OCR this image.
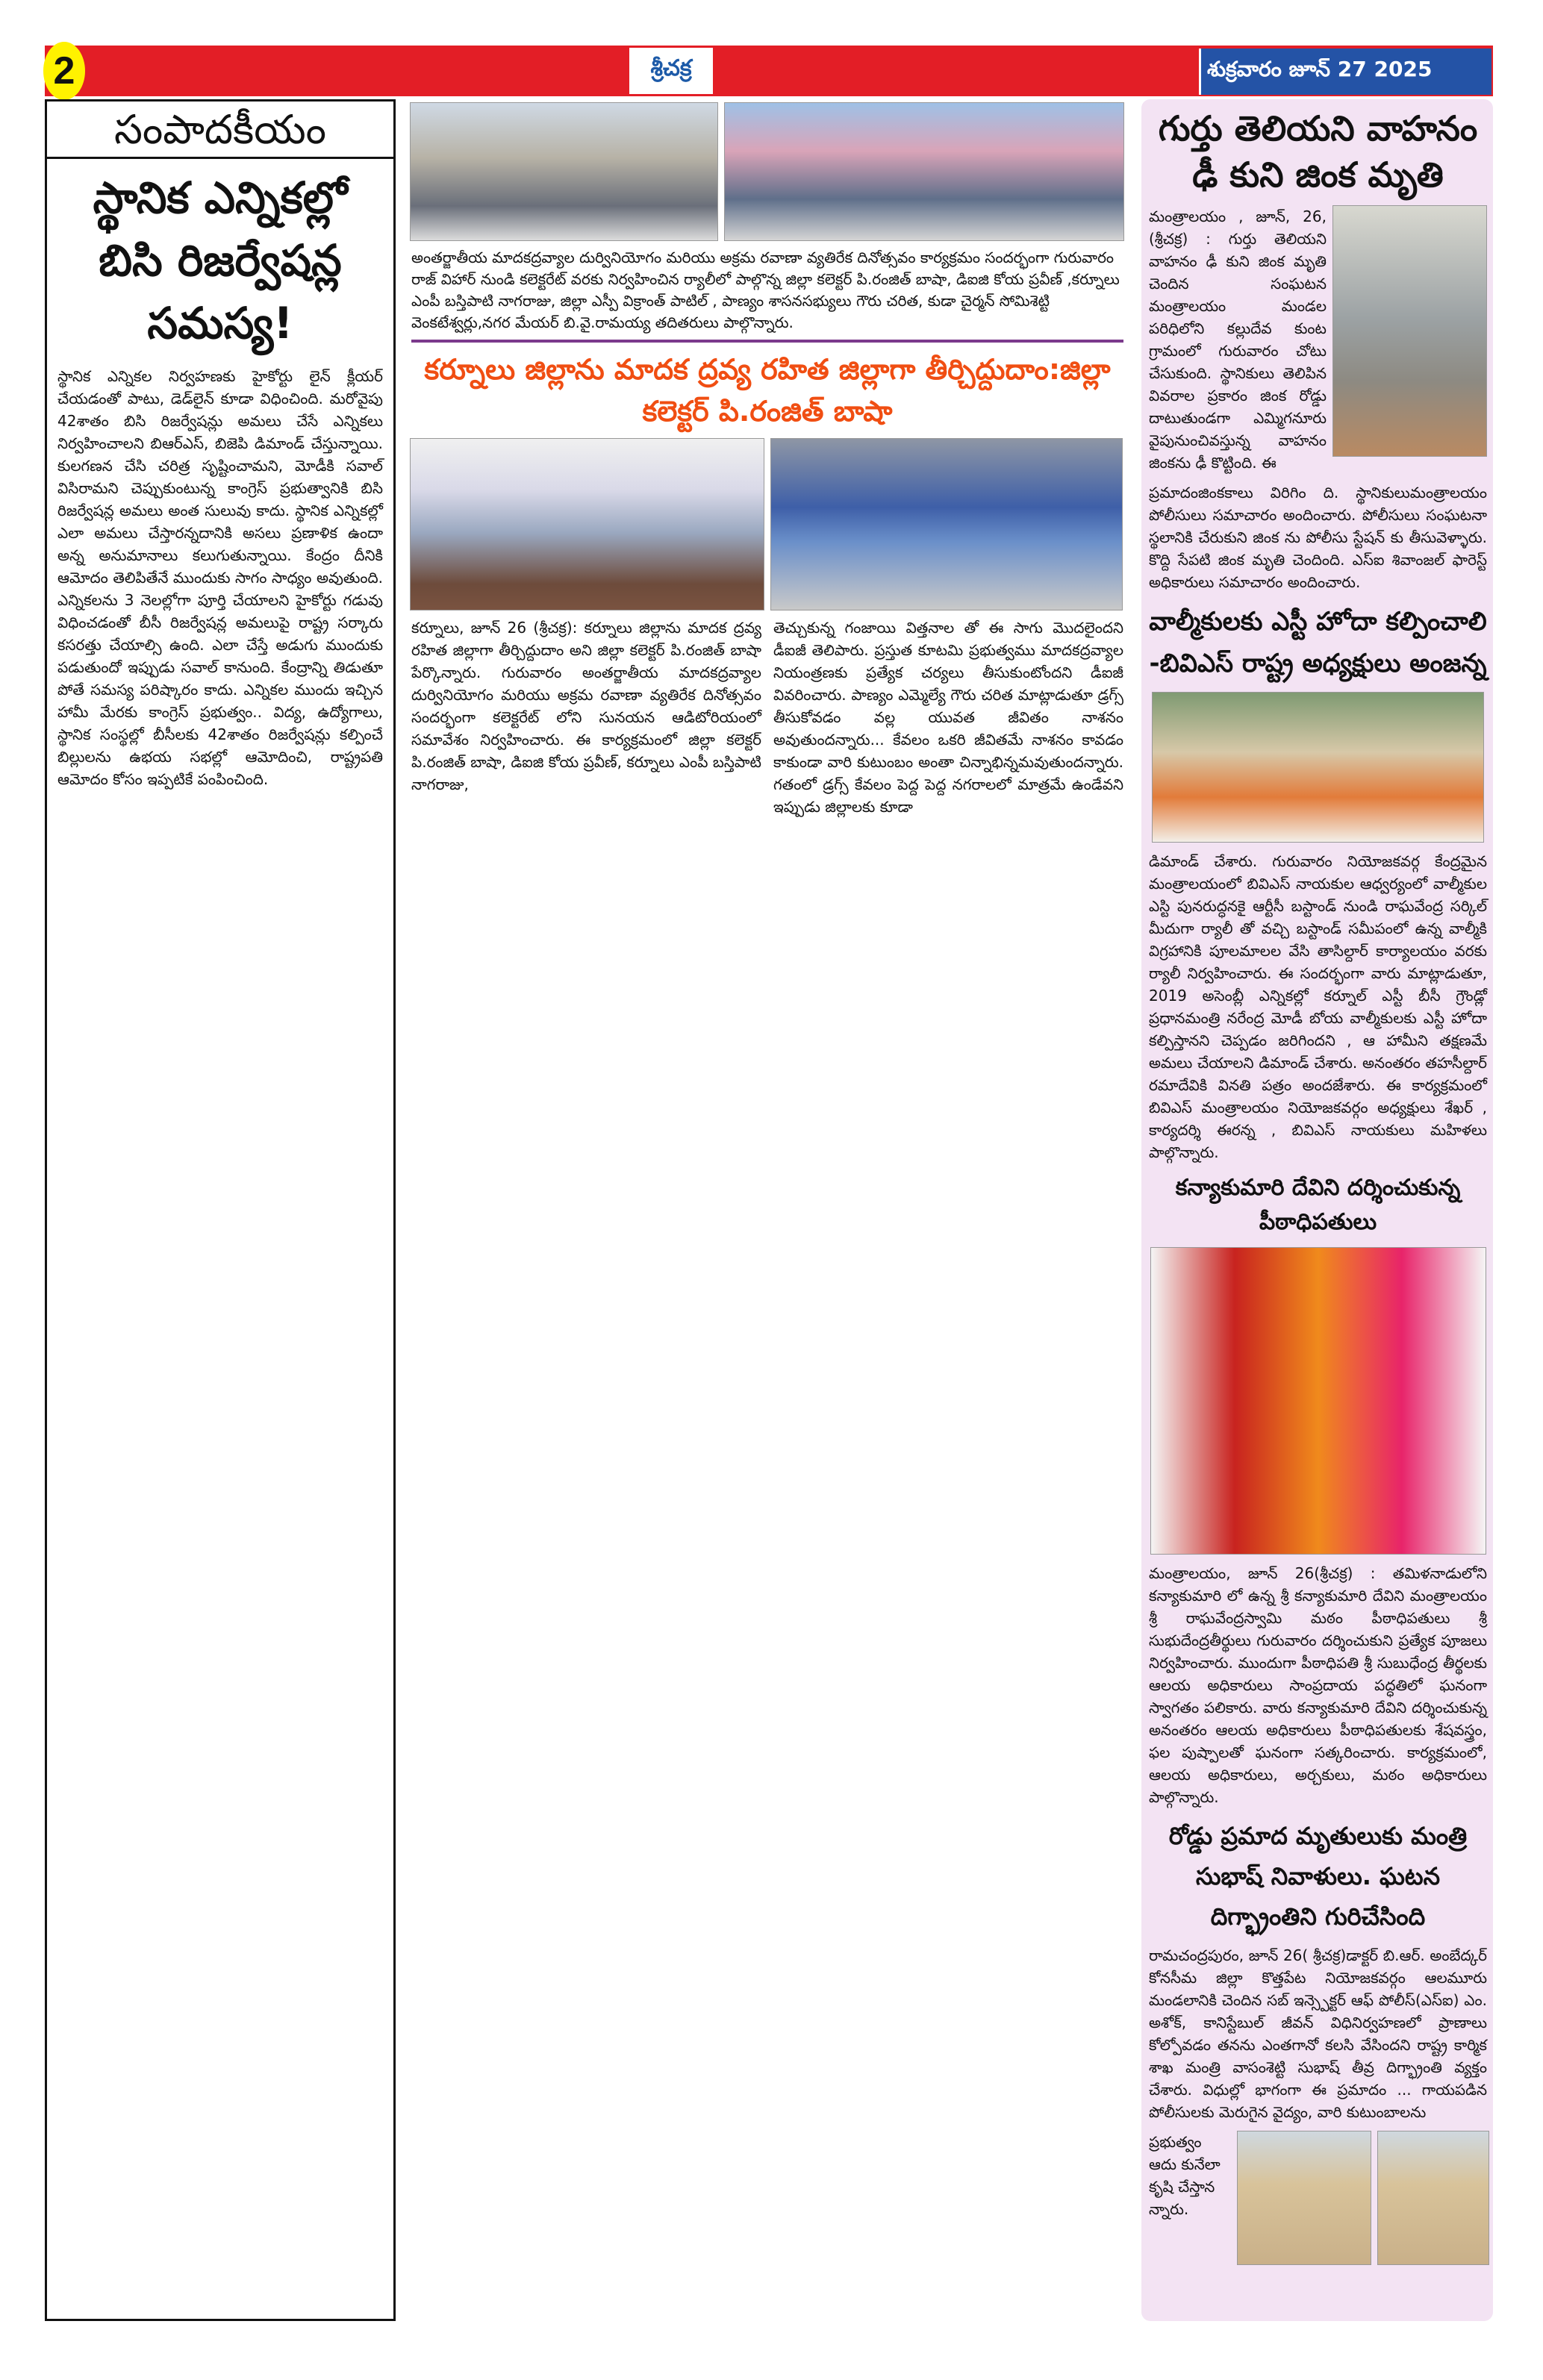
2	శ్రీచక్ర	శుక్రవారం జూన్ 27 2025
సంపాదకీయం
స్థానిక ఎన్నికల్లో బిసి రిజర్వేషన్ల సమస్య!
స్థానిక ఎన్నికల నిర్వహణకు హైకోర్టు లైన్ క్లీయర్ చేయడంతో పాటు, డెడ్‌లైన్ కూడా విధించింది. మరోవైపు 42శాతం బిసి రిజర్వేషన్లు అమలు చేసే ఎన్నికలు నిర్వహించాలని బిఆర్‌ఎస్, బిజెపి డిమాండ్ చేస్తున్నాయి. కులగణన చేసి చరిత్ర సృష్టించామని, మోడీకి సవాల్ విసిరామని చెప్పుకుంటున్న కాంగ్రెస్ ప్రభుత్వానికి బిసి రిజర్వేషన్ల అమలు అంత సులువు కాదు. స్థానిక ఎన్నికల్లో ఎలా అమలు చేస్తారన్నదానికి అసలు ప్రణాళిక ఉందా అన్న అనుమానాలు కలుగుతున్నాయి. కేంద్రం దీనికి ఆమోదం తెలిపితేనే ముందుకు సాగం సాధ్యం అవుతుంది. ఎన్నికలను 3 నెలల్లోగా పూర్తి చేయాలని హైకోర్టు గడువు విధించడంతో బీసీ రిజర్వేషన్ల అమలుపై రాష్ట్ర సర్కారు కసరత్తు చేయాల్సి ఉంది. ఎలా చేస్తే అడుగు ముందుకు పడుతుందో ఇప్పుడు సవాల్ కానుంది. కేంద్రాన్ని తిడుతూ పోతే సమస్య పరిష్కారం కాదు. ఎన్నికల ముందు ఇచ్చిన హామీ మేరకు కాంగ్రెస్ ప్రభుత్వం.. విద్య, ఉద్యోగాలు, స్థానిక సంస్థల్లో బీసీలకు 42శాతం రిజర్వేషన్లు కల్పించే బిల్లులను ఉభయ సభల్లో ఆమోదించి, రాష్ట్రపతి ఆమోదం కోసం ఇప్పటికే పంపించింది.
అంతర్జాతీయ మాదకద్రవ్యాల దుర్వినియోగం మరియు అక్రమ రవాణా వ్యతిరేక దినోత్సవం కార్యక్రమం సందర్భంగా గురువారం రాజ్ విహార్ నుండి కలెక్టరేట్ వరకు నిర్వహించిన ర్యాలీలో పాల్గొన్న జిల్లా కలెక్టర్ పి.రంజిత్ బాషా, డిఐజి కోయ ప్రవీణ్ ,కర్నూలు ఎంపీ బస్తిపాటి నాగరాజు, జిల్లా ఎస్పీ విక్రాంత్ పాటిల్ , పాణ్యం శాసనసభ్యులు గౌరు చరిత, కుడా చైర్మన్ సోమిశెట్టి వెంకటేశ్వర్లు,నగర మేయర్ బి.వై.రామయ్య తదితరులు పాల్గొన్నారు.
కర్నూలు జిల్లాను మాదక ద్రవ్య రహిత జిల్లాగా తీర్చిద్దుదాం:జిల్లా కలెక్టర్ పి.రంజిత్ బాషా
కర్నూలు, జూన్ 26 (శ్రీచక్ర): కర్నూలు జిల్లాను మాదక ద్రవ్య రహిత జిల్లాగా తీర్చిద్దుదాం అని జిల్లా కలెక్టర్ పి.రంజిత్ బాషా పేర్కొన్నారు. గురువారం అంతర్జాతీయ మాదకద్రవ్యాల దుర్వినియోగం మరియు అక్రమ రవాణా వ్యతిరేక దినోత్సవం సందర్భంగా కలెక్టరేట్ లోని సునయన ఆడిటోరియంలో సమావేశం నిర్వహించారు. ఈ కార్యక్రమంలో జిల్లా కలెక్టర్ పి.రంజిత్ బాషా, డిఐజి కోయ ప్రవీణ్, కర్నూలు ఎంపీ బస్తిపాటి నాగరాజు,
తెచ్చుకున్న గంజాయి విత్తనాల తో ఈ సాగు మొదలైందని డీఐజీ తెలిపారు. ప్రస్తుత కూటమి ప్రభుత్వము మాదకద్రవ్యాల నియంత్రణకు ప్రత్యేక చర్యలు తీసుకుంటోందని డీఐజీ వివరించారు. పాణ్యం ఎమ్మెల్యే గౌరు చరిత మాట్లాడుతూ డ్రగ్స్ తీసుకోవడం వల్ల యువత జీవితం నాశనం అవుతుందన్నారు... కేవలం ఒకరి జీవితమే నాశనం కావడం కాకుండా వారి కుటుంబం అంతా చిన్నాభిన్నమవుతుందన్నారు. గతంలో డ్రగ్స్ కేవలం పెద్ద పెద్ద నగరాలలో మాత్రమే ఉండేవని ఇప్పుడు జిల్లాలకు కూడా
గుర్తు తెలియని వాహనం ఢీ కుని జింక మృతి
మంత్రాలయం , జూన్, 26, (శ్రీచక్ర) : గుర్తు తెలియని వాహనం ఢీ కుని జింక మృతి చెందిన సంఘటన మంత్రాలయం మండల పరిధిలోని కల్లుదేవ కుంట గ్రామంలో గురువారం చోటు చేసుకుంది. స్థానికులు తెలిపిన వివరాల ప్రకారం జింక రోడ్డు దాటుతుండగా ఎమ్మిగనూరు వైపునుంచివస్తున్న వాహనం జింకను ఢీ కొట్టింది. ఈ
ప్రమాదంజింకకాలు విరిగిం ది. స్థానికులుమంత్రాలయం పోలీసులు సమాచారం అందించారు. పోలీసులు సంఘటనా స్థలానికి చేరుకుని జింక ను పోలీసు స్టేషన్ కు తీసువెళ్ళారు. కొద్ది సేపటి జింక మృతి చెందింది. ఎస్ఐ శివాంజల్ ఫారెస్ట్ అధికారులు సమాచారం అందించారు.
వాల్మీకులకు ఎస్టీ హోదా కల్పించాలి -బివిఎస్ రాష్ట్ర అధ్యక్షులు అంజన్న
డిమాండ్ చేశారు. గురువారం నియోజకవర్గ కేంద్రమైన మంత్రాలయంలో బివిఎస్ నాయకుల ఆధ్వర్యంలో వాల్మీకుల ఎస్టి పునరుద్ధనకై ఆర్టీసీ బస్టాండ్ నుండి రాఘవేంద్ర సర్కిల్ మీదుగా ర్యాలీ తో వచ్చి బస్టాండ్ సమీపంలో ఉన్న వాల్మీకి విగ్రహానికి పూలమాలల వేసి తాసిల్దార్ కార్యాలయం వరకు ర్యాలీ నిర్వహించారు. ఈ సందర్భంగా వారు మాట్లాడుతూ, 2019 అసెంబ్లీ ఎన్నికల్లో కర్నూల్ ఎస్టీ బీసీ గ్రౌండ్లో ప్రధానమంత్రి నరేంద్ర మోడీ బోయ వాల్మీకులకు ఎస్టీ హోదా కల్పిస్తానని చెప్పడం జరిగిందని , ఆ హామీని తక్షణమే అమలు చేయాలని డిమాండ్ చేశారు. అనంతరం తహసీల్దార్ రమాదేవికి వినతి పత్రం అందజేశారు. ఈ కార్యక్రమంలో బివిఎస్ మంత్రాలయం నియోజకవర్గం అధ్యక్షులు శేఖర్ , కార్యదర్శి ఈరన్న , బివిఎస్ నాయకులు మహిళలు పాల్గొన్నారు.
కన్యాకుమారి దేవిని దర్శించుకున్న పీఠాధిపతులు
మంత్రాలయం, జూన్ 26(శ్రీచక్ర) : తమిళనాడులోని కన్యాకుమారి లో ఉన్న శ్రీ కన్యాకుమారి దేవిని మంత్రాలయం శ్రీ రాఘవేంద్రస్వామి మఠం పీఠాధిపతులు శ్రీ సుభుదేంద్రతీర్థులు గురువారం దర్శించుకుని ప్రత్యేక పూజలు నిర్వహించారు. ముందుగా పీఠాధిపతి శ్రీ సుబుధేంద్ర తీర్థలకు ఆలయ అధికారులు సాంప్రదాయ పద్ధతిలో ఘనంగా స్వాగతం పలికారు. వారు కన్యాకుమారి దేవిని దర్శించుకున్న అనంతరం ఆలయ అధికారులు పీఠాధిపతులకు శేషవస్త్రం, ఫల పుష్పాలతో ఘనంగా సత్కరించారు. కార్యక్రమంలో, ఆలయ అధికారులు, అర్చకులు, మఠం అధికారులు పాల్గొన్నారు.
రోడ్డు ప్రమాద మృతులుకు మంత్రి సుభాష్ నివాళులు. ఘటన దిగ్భ్రాంతిని గురిచేసింది
రామచంద్రపురం, జూన్ 26( శ్రీచక్ర)డాక్టర్ బి.ఆర్. అంబేద్కర్ కోనసీమ జిల్లా కొత్తపేట నియోజకవర్గం ఆలమూరు మండలానికి చెందిన సబ్ ఇన్స్పెక్టర్ ఆఫ్ పోలీస్(ఎస్ఐ) ఎం. అశోక్, కానిస్టేబుల్ జీవన్ విధినిర్వహణలో ప్రాణాలు కోల్పోవడం తనను ఎంతగానో కలసి వేసిందని రాష్ట్ర కార్మిక శాఖ మంత్రి వాసంశెట్టి సుభాష్ తీవ్ర దిగ్భ్రాంతి వ్యక్తం చేశారు. విధుల్లో భాగంగా ఈ ప్రమాదం ... గాయపడిన పోలీసులకు మెరుగైన వైద్యం, వారి కుటుంబాలను
ప్రభుత్వం ఆదు కునేలా కృషి చేస్తాన న్నారు.
